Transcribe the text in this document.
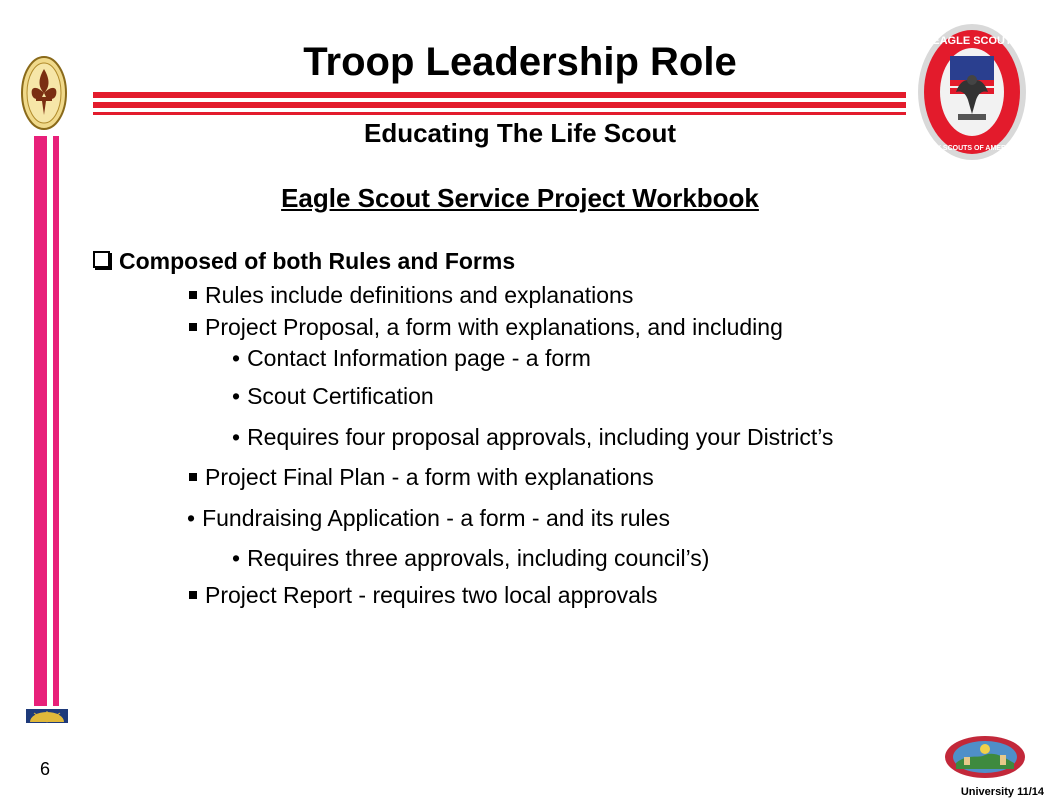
EAGLE SCOUT
BOY SCOUTS OF AMERICA
Troop Leadership Role
Educating The Life Scout
Eagle Scout Service Project Workbook
Composed of both Rules and Forms
Rules include definitions and explanations
Project Proposal, a form with explanations, and including
• Contact Information page - a form
• Scout Certification
• Requires four proposal approvals, including your District’s
Project Final Plan - a form with explanations
• Fundraising Application - a form - and its rules
• Requires three approvals, including council’s)
Project Report - requires two local approvals
6
University 11/14
